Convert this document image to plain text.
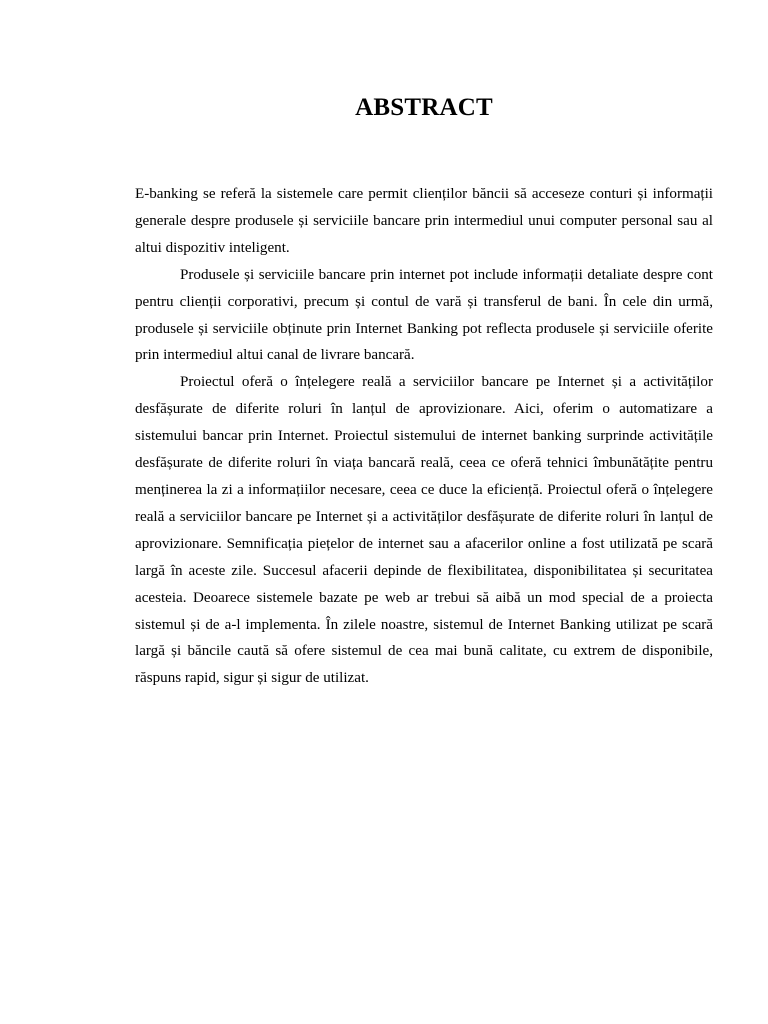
ABSTRACT

E-banking se referă la sistemele care permit clienților băncii să acceseze conturi și informații generale despre produsele și serviciile bancare prin intermediul unui computer personal sau al altui dispozitiv inteligent.

Produsele și serviciile bancare prin internet pot include informații detaliate despre cont pentru clienții corporativi, precum și contul de vară și transferul de bani. În cele din urmă, produsele și serviciile obținute prin Internet Banking pot reflecta produsele și serviciile oferite prin intermediul altui canal de livrare bancară.

Proiectul oferă o înțelegere reală a serviciilor bancare pe Internet și a activităților desfășurate de diferite roluri în lanțul de aprovizionare. Aici, oferim o automatizare a sistemului bancar prin Internet. Proiectul sistemului de internet banking surprinde activitățile desfășurate de diferite roluri în viața bancară reală, ceea ce oferă tehnici îmbunătățite pentru menținerea la zi a informațiilor necesare, ceea ce duce la eficiență. Proiectul oferă o înțelegere reală a serviciilor bancare pe Internet și a activităților desfășurate de diferite roluri în lanțul de aprovizionare. Semnificația piețelor de internet sau a afacerilor online a fost utilizată pe scară largă în aceste zile. Succesul afacerii depinde de flexibilitatea, disponibilitatea și securitatea acesteia. Deoarece sistemele bazate pe web ar trebui să aibă un mod special de a proiecta sistemul și de a-l implementa. În zilele noastre, sistemul de Internet Banking utilizat pe scară largă și băncile caută să ofere sistemul de cea mai bună calitate, cu extrem de disponibile, răspuns rapid, sigur și sigur de utilizat.
